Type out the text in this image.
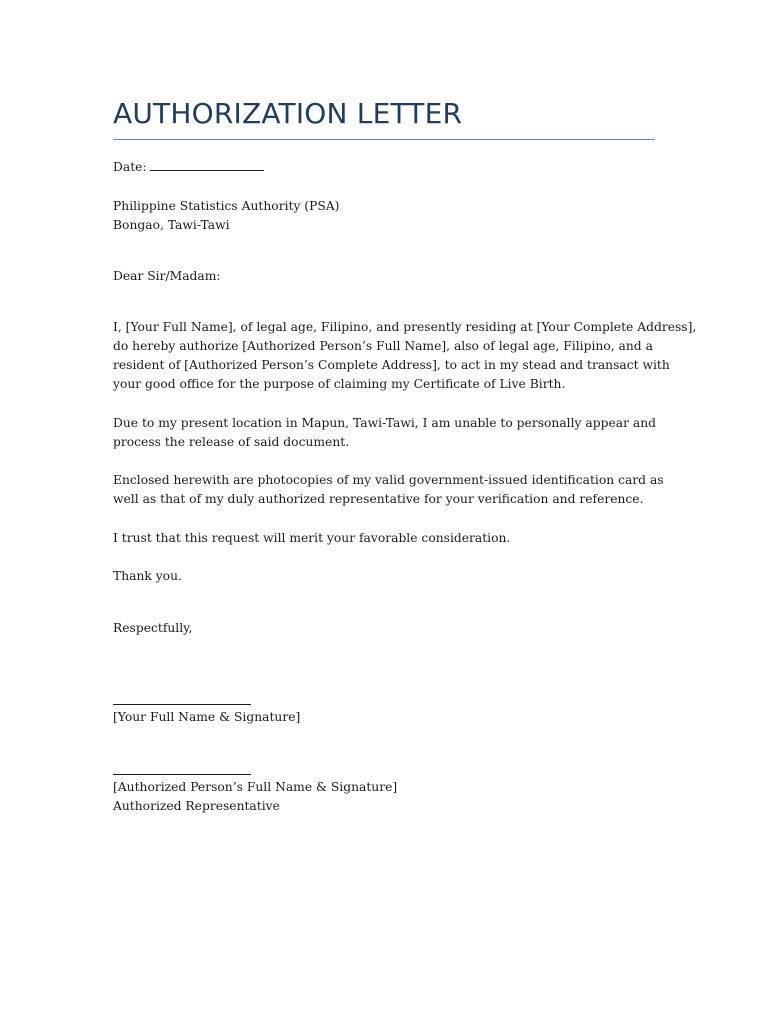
AUTHORIZATION LETTER

Date:

Philippine Statistics Authority (PSA)

Bongao, Tawi-Tawi

Dear Sir/Madam:

I, [Your Full Name], of legal age, Filipino, and presently residing at [Your Complete Address],

do hereby authorize [Authorized Person’s Full Name], also of legal age, Filipino, and a

resident of [Authorized Person’s Complete Address], to act in my stead and transact with

your good office for the purpose of claiming my Certificate of Live Birth.

Due to my present location in Mapun, Tawi-Tawi, I am unable to personally appear and

process the release of said document.

Enclosed herewith are photocopies of my valid government-issued identification card as

well as that of my duly authorized representative for your verification and reference.

I trust that this request will merit your favorable consideration.

Thank you.

Respectfully,

[Your Full Name & Signature]

[Authorized Person’s Full Name & Signature]

Authorized Representative
